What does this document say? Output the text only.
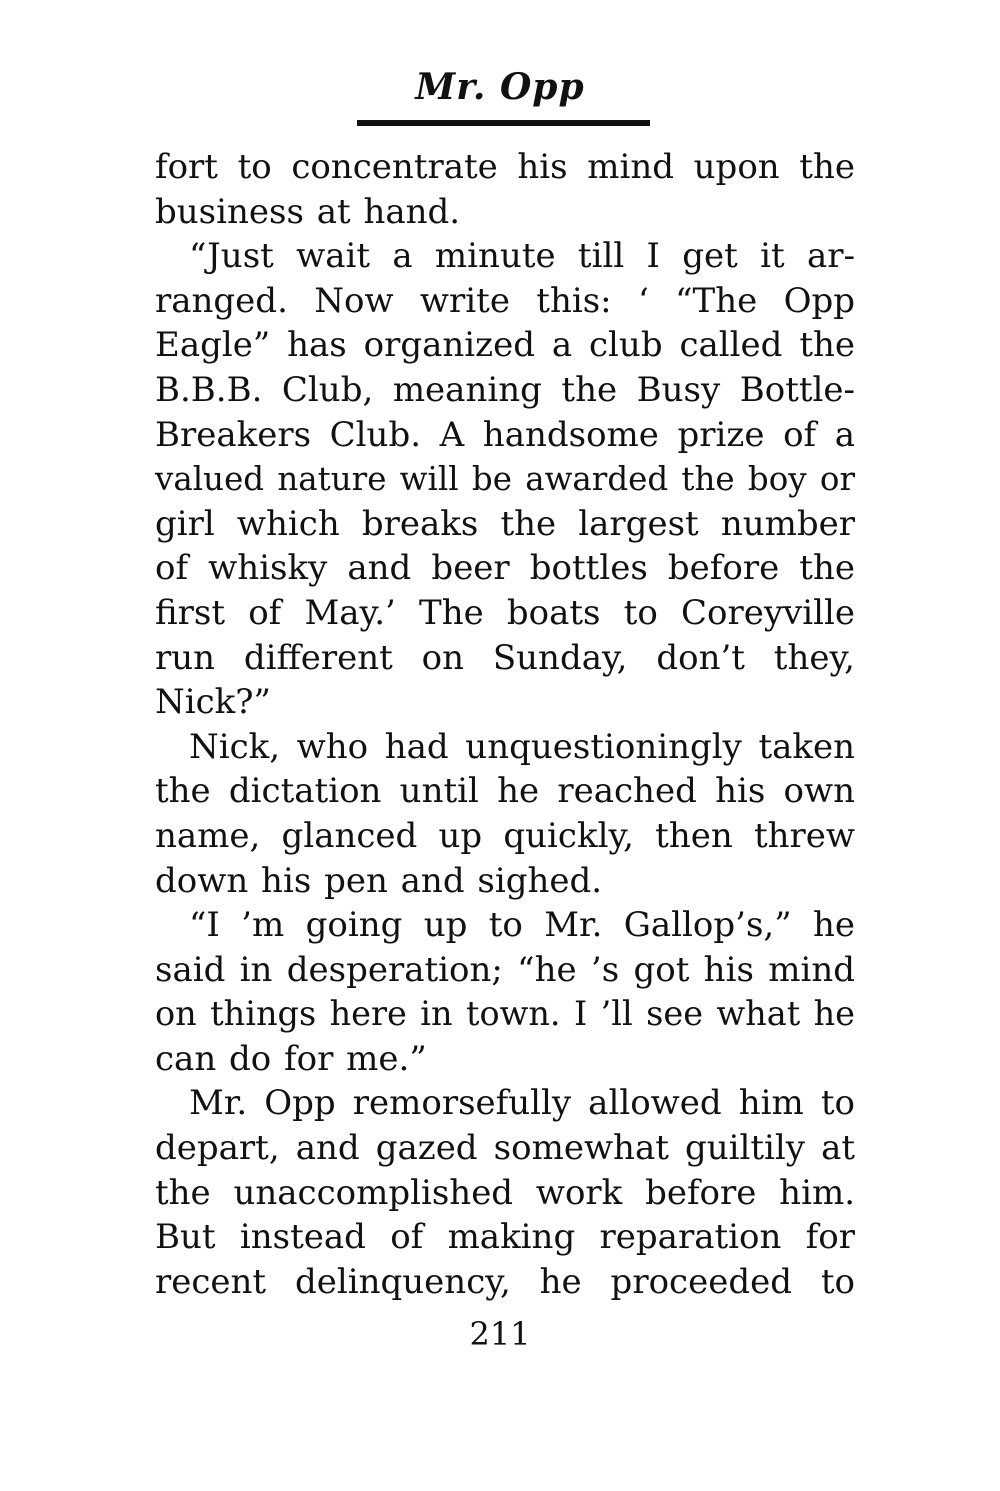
Mr. Opp
fort to concentrate his mind upon the
business at hand.
“Just wait a minute till I get it ar-
ranged. Now write this: ‘ “The Opp
Eagle” has organized a club called the
B.B.B. Club, meaning the Busy Bottle-
Breakers Club. A handsome prize of a
valued nature will be awarded the boy or
girl which breaks the largest number
of whisky and beer bottles before the
first of May.’ The boats to Coreyville
run different on Sunday, don’t they,
Nick?”
Nick, who had unquestioningly taken
the dictation until he reached his own
name, glanced up quickly, then threw
down his pen and sighed.
“I ’m going up to Mr. Gallop’s,” he
said in desperation; “he ’s got his mind
on things here in town. I ’ll see what he
can do for me.”
Mr. Opp remorsefully allowed him to
depart, and gazed somewhat guiltily at
the unaccomplished work before him.
But instead of making reparation for
recent delinquency, he proceeded to
211
